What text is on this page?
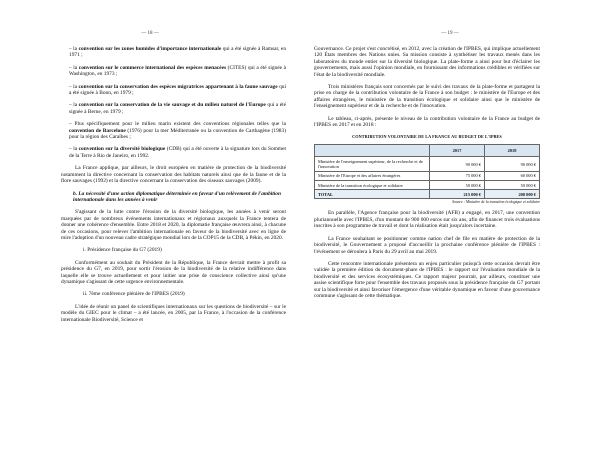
— 18 —

– la convention sur les zones humides d'importance internationale qui a été signée à Ramsar, en 1971 ;

– la convention sur le commerce international des espèces menacées (CITES) qui a été signée à Washington, en 1973 ;

– la convention sur la conservation des espèces migratrices appartenant à la faune sauvage qui a été signée à Bonn, en 1979 ;

– la convention sur la conservation de la vie sauvage et du milieu naturel de l'Europe qui a été signée à Berne, en 1979 ;

– Plus spécifiquement pour le milieu marin existent des conventions régionales telles que la convention de Barcelone (1976) pour la mer Méditerranée ou la convention de Carthagène (1983) pour la région des Caraïbes ;

– la convention sur la diversité biologique (CDB) qui a été ouverte à la signature lors du Sommet de la Terre à Rio de Janeiro, en 1992.

La France applique, par ailleurs, le droit européen en matière de protection de la biodiversité notamment la directive concernant la conservation des habitats naturels ainsi que de la faune et de la flore sauvages (1992) et la directive concernant la conservation des oiseaux sauvages (2009).

b. La nécessité d'une action diplomatique déterminée en faveur d'un relèvement de l'ambition internationale dans les années à venir

S'agissant de la lutte contre l'érosion de la diversité biologique, les années à venir seront marquées par de nombreux événements internationaux et régionaux auxquels la France tentera de donner une cohérence d'ensemble. Entre 2018 et 2020, la diplomatie française œuvrera ainsi, à chacune de ces occasions, pour relever l'ambition internationale en faveur de la biodiversité avec en ligne de mire l'adoption d'un nouveau cadre stratégique mondial lors de la COP15 de la CDB, à Pékin, en 2020.

i. Présidence française du G7 (2019)

Conformément au souhait du Président de la République, la France devrait mettre à profit sa présidence du G7, en 2019, pour sortir l'érosion de la biodiversité de la relative indifférence dans laquelle elle se trouve actuellement et pour initier une prise de conscience collective ainsi qu'une dynamique s'agissant de cette urgence environnementale.

ii. 7ème conférence plénière de l'IPBES (2019)

L'idée de réunir un panel de scientifiques internationaux sur les questions de biodiversité – sur le modèle du GIEC pour le climat – a été lancée, en 2005, par la France, à l'occasion de la conférence internationale Biodiversité, Science et

— 19 —

Gouvernance. Ce projet s'est concrétisé, en 2012, avec la création de l'IPBES, qui implique actuellement 120 États membres des Nations unies. Sa mission consiste à synthétiser les travaux menés dans les laboratoires du monde entier sur la diversité biologique. La plate-forme a ainsi pour but d'éclairer les gouvernements, mais aussi l'opinion mondiale, en fournissant des informations crédibles et vérifiées sur l'état de la biodiversité mondiale.

Trois ministères français sont concernés par le suivi des travaux de la plate-forme et partagent la prise en charge de la contribution volontaire de la France à son budget : le ministère de l'Europe et des affaires étrangères, le ministère de la transition écologique et solidaire ainsi que le ministère de l'enseignement supérieur et de la recherche et de l'innovation.

Le tableau, ci-après, présente le niveau de la contribution volontaire de la France au budget de l'IPBES en 2017 et en 2018 :

CONTRIBUTION VOLONTAIRE DE LA FRANCE AU BUDGET DE L'IPBES
	2017	2018
Ministère de l'enseignement supérieur, de la recherche et de l'innovation	90 000 €	90 000 €
Ministère de l'Europe et des affaires étrangères	75 000 €	60 000 €
Ministère de la transition écologique et solidaire	50 000 €	50 000 €
TOTAL	215 000 €	200 000 €
Source : Ministère de la transition écologique et solidaire

En parallèle, l'Agence française pour la biodiversité (AFB) a engagé, en 2017, une convention pluriannuelle avec l'IPBES, d'un montant de 900 000 euros sur six ans, afin de financer trois évaluations inscrites à son programme de travail et dont la réalisation était jusqu'alors incertaine.

La France souhaitant se positionner comme nation chef de file en matière de protection de la biodiversité, le Gouvernement a proposé d'accueillir la prochaine conférence plénière de l'IPBES : l'événement se déroulera à Paris du 29 avril au mai 2019.

Cette rencontre internationale présentera un enjeu particulier puisqu'à cette occasion devrait être validée la première édition du document-phare de l'IPBES : le rapport sur l'évaluation mondiale de la biodiversité et des services écosystémiques. Ce rapport majeur pourrait, par ailleurs, constituer une assise scientifique forte pour l'ensemble des travaux proposés sous la présidence française du G7 portant sur la biodiversité et ainsi favoriser l'émergence d'une véritable dynamique en faveur d'une gouvernance commune s'agissant de cette thématique.
